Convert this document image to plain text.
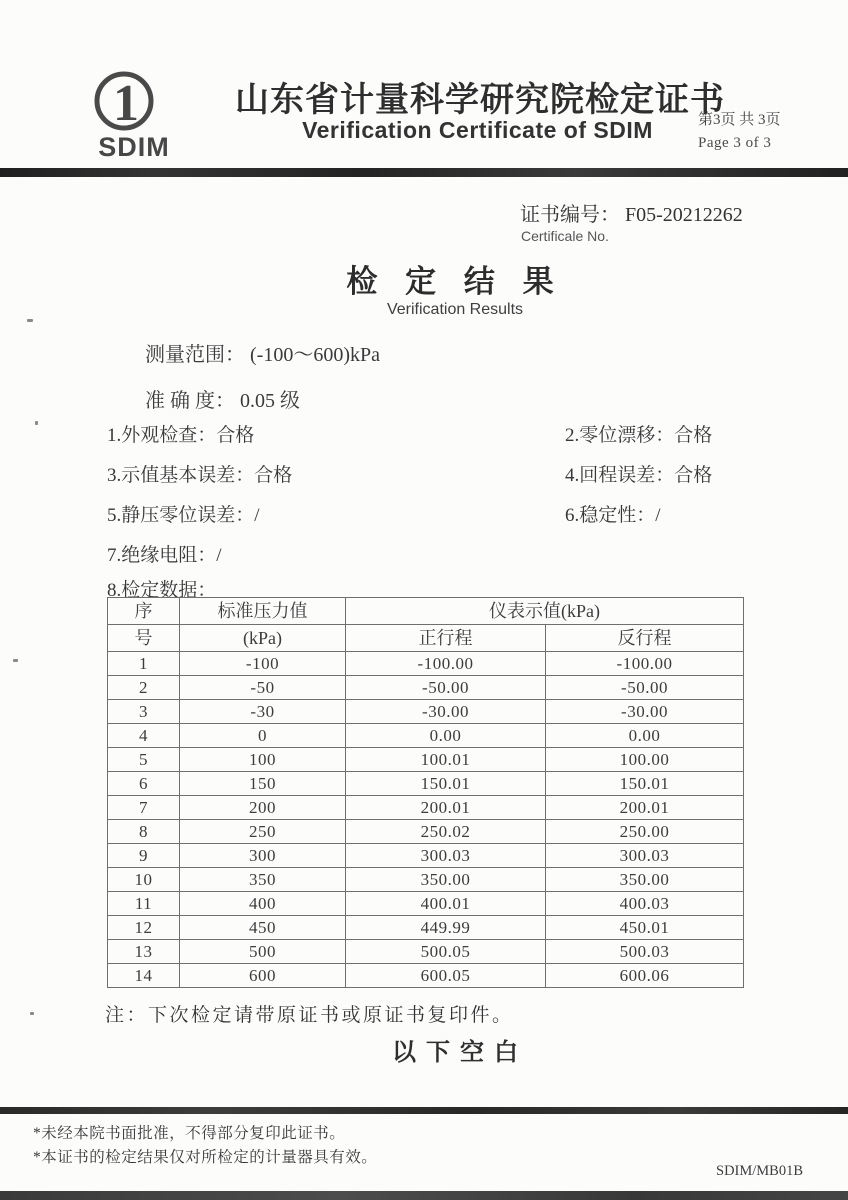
1
SDIM
山东省计量科学研究院检定证书
Verification Certificate of SDIM	第3页 共 3页
Page 3 of 3
证书编号： F05-20212262
Certificale No.
检 定 结 果
Verification Results
测量范围： (-100～600)kPa
准 确 度： 0.05 级
1.外观检查：合格	2.零位漂移：合格
3.示值基本误差：合格	4.回程误差：合格
5.静压零位误差：/	6.稳定性：/
7.绝缘电阻：/
8.检定数据：
序	标准压力值	仪表示值(kPa)	
号	(kPa)	正行程	反行程
1	-100	-100.00	-100.00
2	-50	-50.00	-50.00
3	-30	-30.00	-30.00
4	0	0.00	0.00
5	100	100.01	100.00
6	150	150.01	150.01
7	200	200.01	200.01
8	250	250.02	250.00
9	300	300.03	300.03
10	350	350.00	350.00
11	400	400.01	400.03
12	450	449.99	450.01
13	500	500.05	500.03
14	600	600.05	600.06
注：下次检定请带原证书或原证书复印件。
以下空白
*未经本院书面批准，不得部分复印此证书。
*本证书的检定结果仅对所检定的计量器具有效。
SDIM/MB01B
